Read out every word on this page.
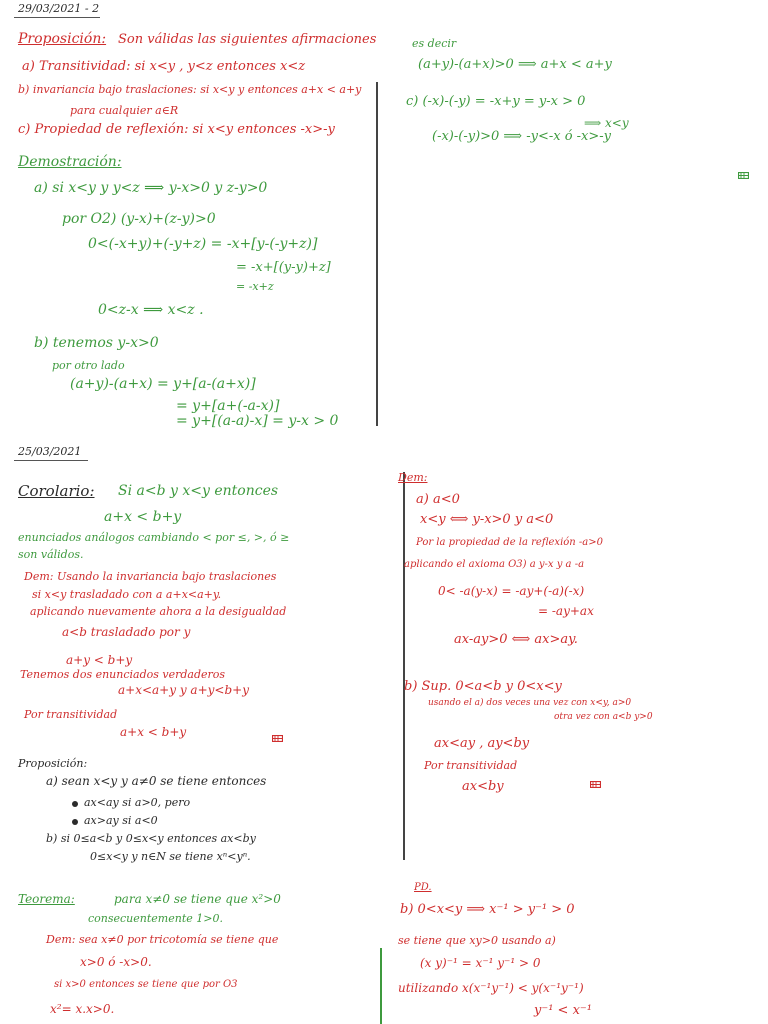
29/03/2021 - 2
Proposición: Son válidas las siguientes afirmaciones
a) Transitividad: si x<y , y<z entonces x<z
b) invariancia bajo traslaciones: si x<y y entonces a+x < a+y
para cualquier a∈R
c) Propiedad de reflexión: si x<y entonces -x>-y
Demostración:
a) si x<y y y<z ⟹ y-x>0 y z-y>0
por O2) (y-x)+(z-y)>0
0<(-x+y)+(-y+z) = -x+[y-(-y+z)]
= -x+[(y-y)+z]
= -x+z
0<z-x ⟹ x<z .
b) tenemos y-x>0
por otro lado
(a+y)-(a+x) = y+[a-(a+x)]
= y+[a+(-a-x)]
= y+[(a-a)-x] = y-x > 0
es decir
(a+y)-(a+x)>0 ⟹ a+x < a+y
c) (-x)-(-y) = -x+y = y-x > 0
⟹ x<y
(-x)-(-y)>0 ⟹ -y<-x ó -x>-y
25/03/2021
Corolario: Si a<b y x<y entonces
a+x < b+y
enunciados análogos cambiando < por ≤, >, ó ≥
son válidos.
Dem: Usando la invariancia bajo traslaciones
si x<y trasladado con a a+x<a+y.
aplicando nuevamente ahora a la desigualdad
a<b trasladado por y
a+y < b+y
Tenemos dos enunciados verdaderos
a+x<a+y y a+y<b+y
Por transitividad
a+x < b+y
Proposición:
a) sean x<y y a≠0 se tiene entonces
ax<ay si a>0, pero
ax>ay si a<0
b) si 0≤a<b y 0≤x<y entonces ax<by
0≤x<y y n∈N se tiene xⁿ<yⁿ.
Dem:
a) a<0
x<y ⟺ y-x>0 y a<0
Por la propiedad de la reflexión -a>0
aplicando el axioma O3) a y-x y a -a
0< -a(y-x) = -ay+(-a)(-x)
= -ay+ax
ax-ay>0 ⟺ ax>ay.
b) Sup. 0<a<b y 0<x<y
usando el a) dos veces una vez con x<y, a>0
otra vez con a<b y>0
ax<ay , ay<by
Por transitividad
ax<by
Teorema:	para x≠0 se tiene que x²>0
consecuentemente 1>0.
Dem: sea x≠0 por tricotomía se tiene que
x>0 ó -x>0.
si x>0 entonces se tiene que por O3
x²= x.x>0.
PD.
b) 0<x<y ⟹ x⁻¹ > y⁻¹ > 0
se tiene que xy>0 usando a)
(x y)⁻¹ = x⁻¹ y⁻¹ > 0
utilizando x(x⁻¹y⁻¹) < y(x⁻¹y⁻¹)
y⁻¹ < x⁻¹
